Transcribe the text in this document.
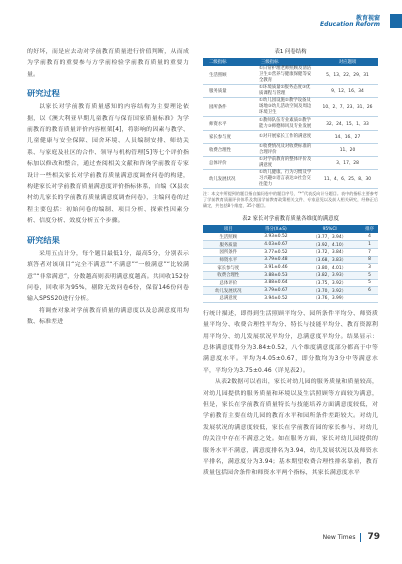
教育视窗
Education Reform

的好坏，而是应去动对学前教育质量进行价值判断，从而成为学前教育的重要参与方学前检验学前教育质量的重要力量。

研究过程

以家长对学前教育质量感知的内容结构为主要理论依据，以《澳大利亚早期儿童教育与保育国家质量标准》为学前教育的教育质量评价内容框架[4]，将影响的因素与教学、儿童健康与安全保障、园舍环境、人员编制安排、师幼关系、与家庭及社区的合作、领导与机构管理[5]等七个评价指标加以修改和整合，通过查阅相关文献和咨询学前教育专家设计一些相关家长对学前教育质量满意度调查问卷的构建，构建家长对学前教育质量满意度评价指标体系，自编《X县农村幼儿家长的学前教育质量满意度调查问卷》，主编问卷的过程主要包括：初始问卷的编制、项目分析、探索性因素分析、信度分析、效度分析五个步骤。

研究结果

采用五点计分，每个题目最低1分，最高5分，分别表示填答者对该项目“完全不满意”“不满意”“一般满意”“比较满意”“非常满意”，分数越高则表明满意度越高。共回收152份问卷，回收率为95%，剔除无效问卷6份，保留146份问卷输入SPSS20进行分析。

将调查对象对学前教育质量的满意度以及总满意度用均数、标准差进

表1 问卷结构
二级指标	三级指标	对应题项
生活照顾	①日常护理老师照顾及清洁卫生②营养与健康保健等安全教育	5、13、22、29、31
服务质量	①环境质量②服务态度③优质课程与管理	9、12、16、34
园所条件	①幼儿园设施②教学设备及场地③幼儿活动空间及周边环境卫生	10、2、7、23、31、26
师资水平	①教师队伍专业素质②教学能力③师德师风及专业发展	32、24、15、1、33
家长参与度	①对开展家长工作的满意度	14、16、27
收费合理性	①收费情况及对收费标准的合理评价	11、20
总体评价	①对学前教育的整体评价及满意度	3、17、28
幼儿发展状况	①幼儿健康、行为习惯及学习兴趣②语言表达③社会交往能力	11、4、6、25、8、30

注：本文中所提到的题目指自编问卷中的题目序号，“*”代表反向计分题目。表中的指标主要参考了学前教育质量评价体系及我国学前教育政策相关文件、专家意见以及前人相关研究，经修正后确定，共包括8个维度、35个题目。

表2 家长对学前教育质量各维度的满意度
项目	得分(X±S)	95%CI	排序
生活照顾	3.93±0.52	（3.77，3.94）	4
服务质量	4.03±0.67	（3.92，4.10）	1
园所条件	3.77±0.52	（3.72，3.84）	7
师资水平	3.79±0.48	（3.68，3.83）	8
家长参与度	3.91±0.46	（3.80，4.01）	3
收费合理性	3.88±0.53	（3.82，3.93）	5
总体评价	3.88±0.64	（3.75，3.92）	5
幼儿发展状况	3.79±0.67	（3.70，3.92）	6
总满意度	3.94±0.52	（3.76，3.99）	

行统计描述，即得到生活照顾平均分、园所条件平均分、师资质量平均分、收费合理性平均分、特长与技能平均分、教育资源利用平均分、幼儿发展状况平均分，总满意度平均分。结果显示：总体满意度得分为3.84±0.52，八个维度满意度部分都高于中等满意度水平。平均为4.05±0.67，即分数均为3分中等满意水平，平均分为3.75±0.46（详见表2）。

从表2数据可以看出，家长对幼儿园的服务质量和质量较高，对幼儿园提供的服务质量和环境以及生活照顾等方面较为满意，但是，家长在学前教育质量特长与技能培养方面满意度较低，对学前教育主要在幼儿园的教育水平和园所条件差距较大。对幼儿发展状况的满意度较低，家长在学前教育园的家长参与、对幼儿的关注中存在不满意之处。如在服务方面，家长对幼儿园提供的服务水平不满意，满意度排名为3.94，幼儿发展状况以及师资水平排名，满意度分为3.94；基本期望收费合理性排名靠前，教育质量包括园舍条件和师资水平两个指标，其家长满意度水平

New Times 79
